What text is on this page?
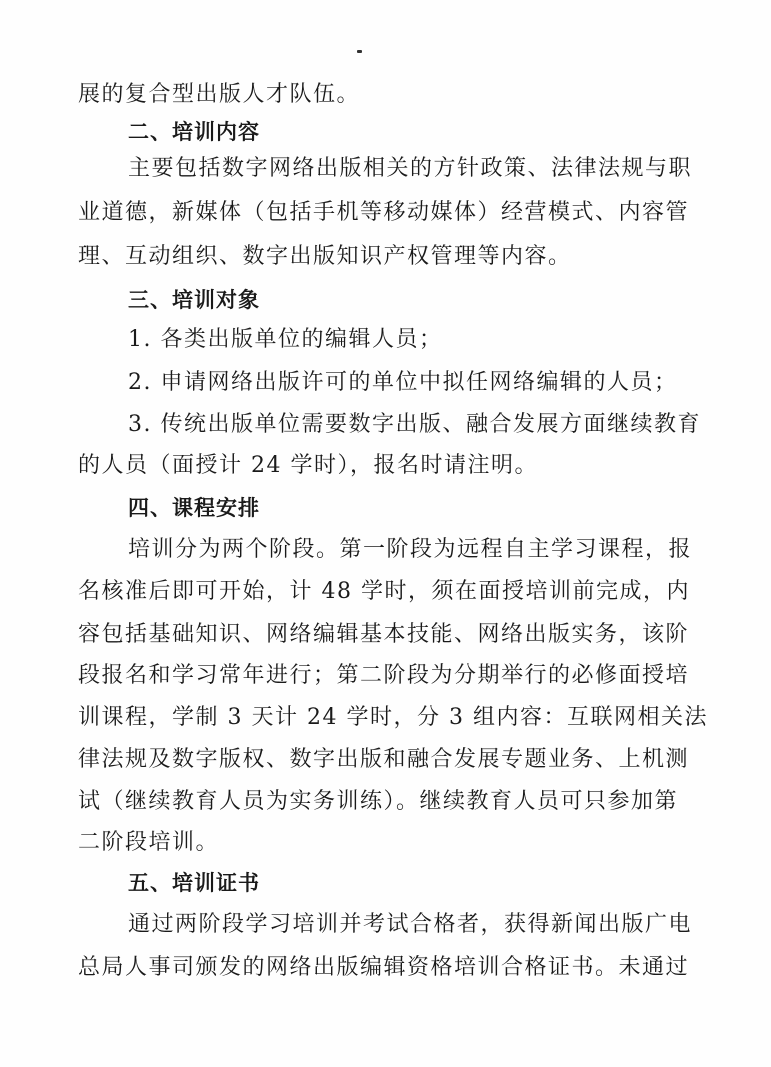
展的复合型出版人才队伍。
二、培训内容
主要包括数字网络出版相关的方针政策、法律法规与职
业道德，新媒体（包括手机等移动媒体）经营模式、内容管
理、互动组织、数字出版知识产权管理等内容。
三、培训对象
1. 各类出版单位的编辑人员；
2. 申请网络出版许可的单位中拟任网络编辑的人员；
3. 传统出版单位需要数字出版、融合发展方面继续教育
的人员（面授计 24 学时），报名时请注明。
四、课程安排
培训分为两个阶段。第一阶段为远程自主学习课程，报
名核准后即可开始，计 48 学时，须在面授培训前完成，内
容包括基础知识、网络编辑基本技能、网络出版实务，该阶
段报名和学习常年进行；第二阶段为分期举行的必修面授培
训课程，学制 3 天计 24 学时，分 3 组内容：互联网相关法
律法规及数字版权、数字出版和融合发展专题业务、上机测
试（继续教育人员为实务训练）。继续教育人员可只参加第
二阶段培训。
五、培训证书
通过两阶段学习培训并考试合格者，获得新闻出版广电
总局人事司颁发的网络出版编辑资格培训合格证书。未通过
